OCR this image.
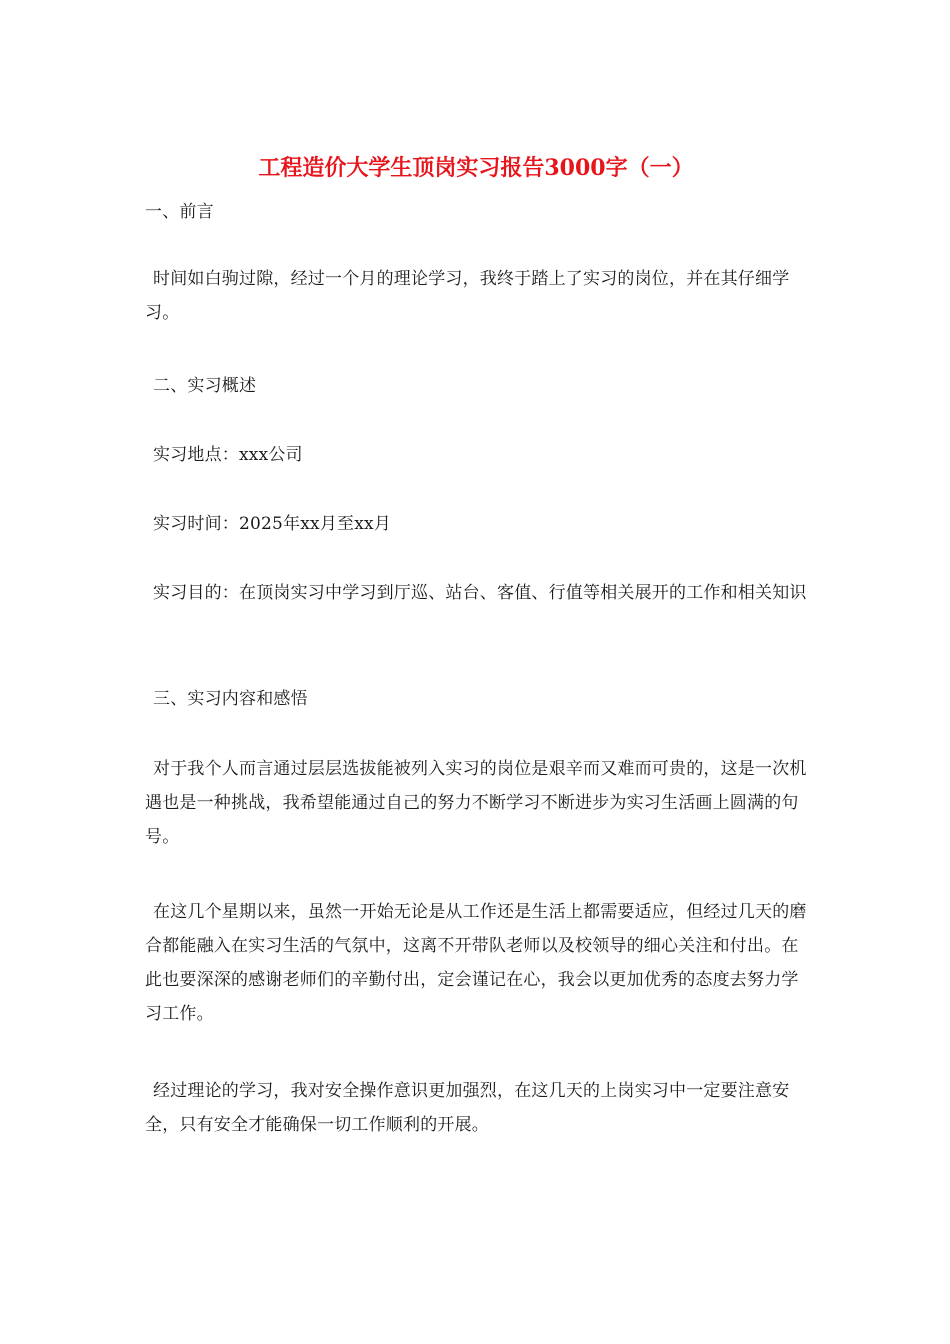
工程造价大学生顶岗实习报告3000字（一）

一、前言

时间如白驹过隙，经过一个月的理论学习，我终于踏上了实习的岗位，并在其仔细学习。

二、实习概述

实习地点：xxx公司

实习时间：2025年xx月至xx月

实习目的：在顶岗实习中学习到厅巡、站台、客值、行值等相关展开的工作和相关知识

三、实习内容和感悟

对于我个人而言通过层层选拔能被列入实习的岗位是艰辛而又难而可贵的，这是一次机遇也是一种挑战，我希望能通过自己的努力不断学习不断进步为实习生活画上圆满的句号。

在这几个星期以来，虽然一开始无论是从工作还是生活上都需要适应，但经过几天的磨合都能融入在实习生活的气氛中，这离不开带队老师以及校领导的细心关注和付出。在此也要深深的感谢老师们的辛勤付出，定会谨记在心，我会以更加优秀的态度去努力学习工作。

经过理论的学习，我对安全操作意识更加强烈，在这几天的上岗实习中一定要注意安全，只有安全才能确保一切工作顺利的开展。
